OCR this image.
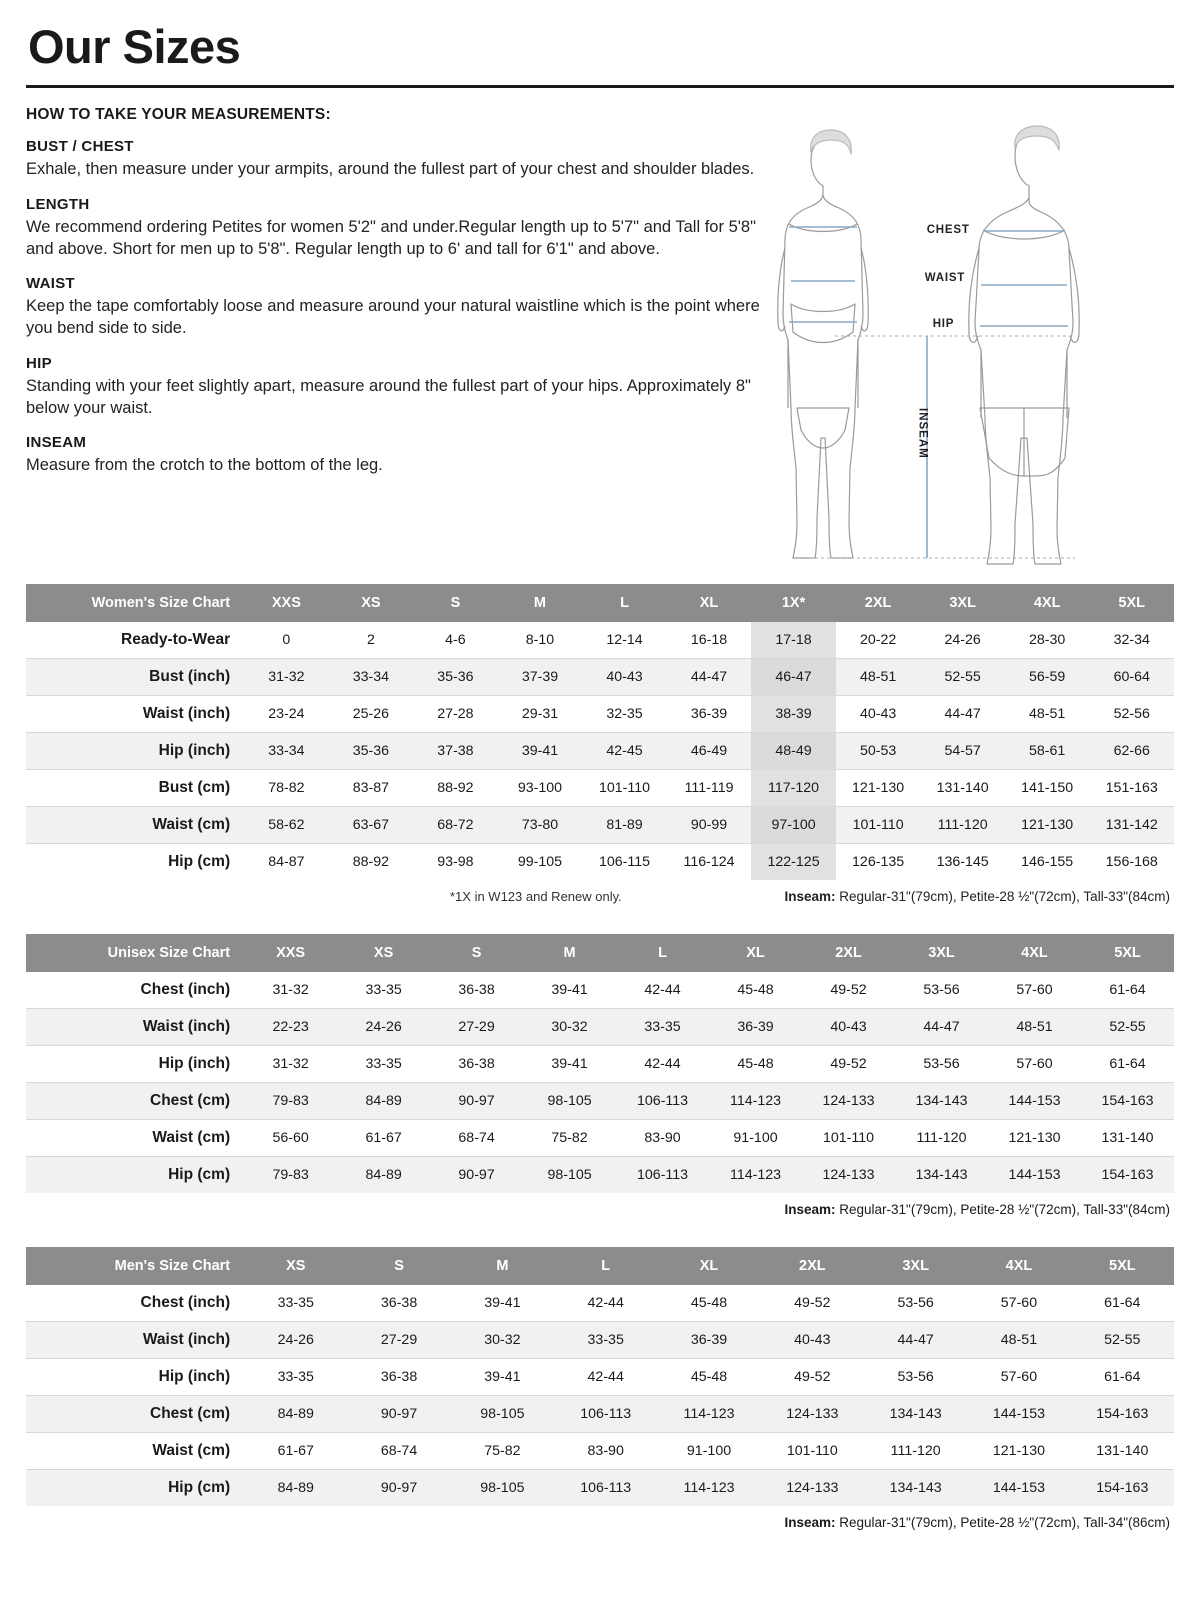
Our Sizes
HOW TO TAKE YOUR MEASUREMENTS:
BUST / CHEST

Exhale, then measure under your armpits, around the fullest part of your chest and shoulder blades.

LENGTH

We recommend ordering Petites for women 5'2" and under.Regular length up to 5'7" and Tall for 5'8" and above. Short for men up to 5'8". Regular length up to 6' and tall for 6'1" and above.

WAIST

Keep the tape comfortably loose and measure around your natural waistline which is the point where you bend side to side.

HIP

Standing with your feet slightly apart, measure around the fullest part of your hips. Approximately 8" below your waist.

INSEAM

Measure from the crotch to the bottom of the leg.

CHEST
WAIST
HIP
INSEAM
Women's Size Chart	XXS	XS	S	M	L	XL	1X*	2XL	3XL	4XL	5XL
Ready-to-Wear	0	2	4-6	8-10	12-14	16-18	17-18	20-22	24-26	28-30	32-34
Bust (inch)	31-32	33-34	35-36	37-39	40-43	44-47	46-47	48-51	52-55	56-59	60-64
Waist (inch)	23-24	25-26	27-28	29-31	32-35	36-39	38-39	40-43	44-47	48-51	52-56
Hip (inch)	33-34	35-36	37-38	39-41	42-45	46-49	48-49	50-53	54-57	58-61	62-66
Bust (cm)	78-82	83-87	88-92	93-100	101-110	111-119	117-120	121-130	131-140	141-150	151-163
Waist (cm)	58-62	63-67	68-72	73-80	81-89	90-99	97-100	101-110	111-120	121-130	131-142
Hip (cm)	84-87	88-92	93-98	99-105	106-115	116-124	122-125	126-135	136-145	146-155	156-168
*1X in W123 and Renew only.	Inseam: Regular-31"(79cm), Petite-28 ½"(72cm), Tall-33"(84cm)
Unisex Size Chart	XXS	XS	S	M	L	XL	2XL	3XL	4XL	5XL
Chest (inch)	31-32	33-35	36-38	39-41	42-44	45-48	49-52	53-56	57-60	61-64
Waist (inch)	22-23	24-26	27-29	30-32	33-35	36-39	40-43	44-47	48-51	52-55
Hip (inch)	31-32	33-35	36-38	39-41	42-44	45-48	49-52	53-56	57-60	61-64
Chest (cm)	79-83	84-89	90-97	98-105	106-113	114-123	124-133	134-143	144-153	154-163
Waist (cm)	56-60	61-67	68-74	75-82	83-90	91-100	101-110	111-120	121-130	131-140
Hip (cm)	79-83	84-89	90-97	98-105	106-113	114-123	124-133	134-143	144-153	154-163
Inseam: Regular-31"(79cm), Petite-28 ½"(72cm), Tall-33"(84cm)
Men's Size Chart	XS	S	M	L	XL	2XL	3XL	4XL	5XL
Chest (inch)	33-35	36-38	39-41	42-44	45-48	49-52	53-56	57-60	61-64
Waist (inch)	24-26	27-29	30-32	33-35	36-39	40-43	44-47	48-51	52-55
Hip (inch)	33-35	36-38	39-41	42-44	45-48	49-52	53-56	57-60	61-64
Chest (cm)	84-89	90-97	98-105	106-113	114-123	124-133	134-143	144-153	154-163
Waist (cm)	61-67	68-74	75-82	83-90	91-100	101-110	111-120	121-130	131-140
Hip (cm)	84-89	90-97	98-105	106-113	114-123	124-133	134-143	144-153	154-163
Inseam: Regular-31"(79cm), Petite-28 ½"(72cm), Tall-34"(86cm)
